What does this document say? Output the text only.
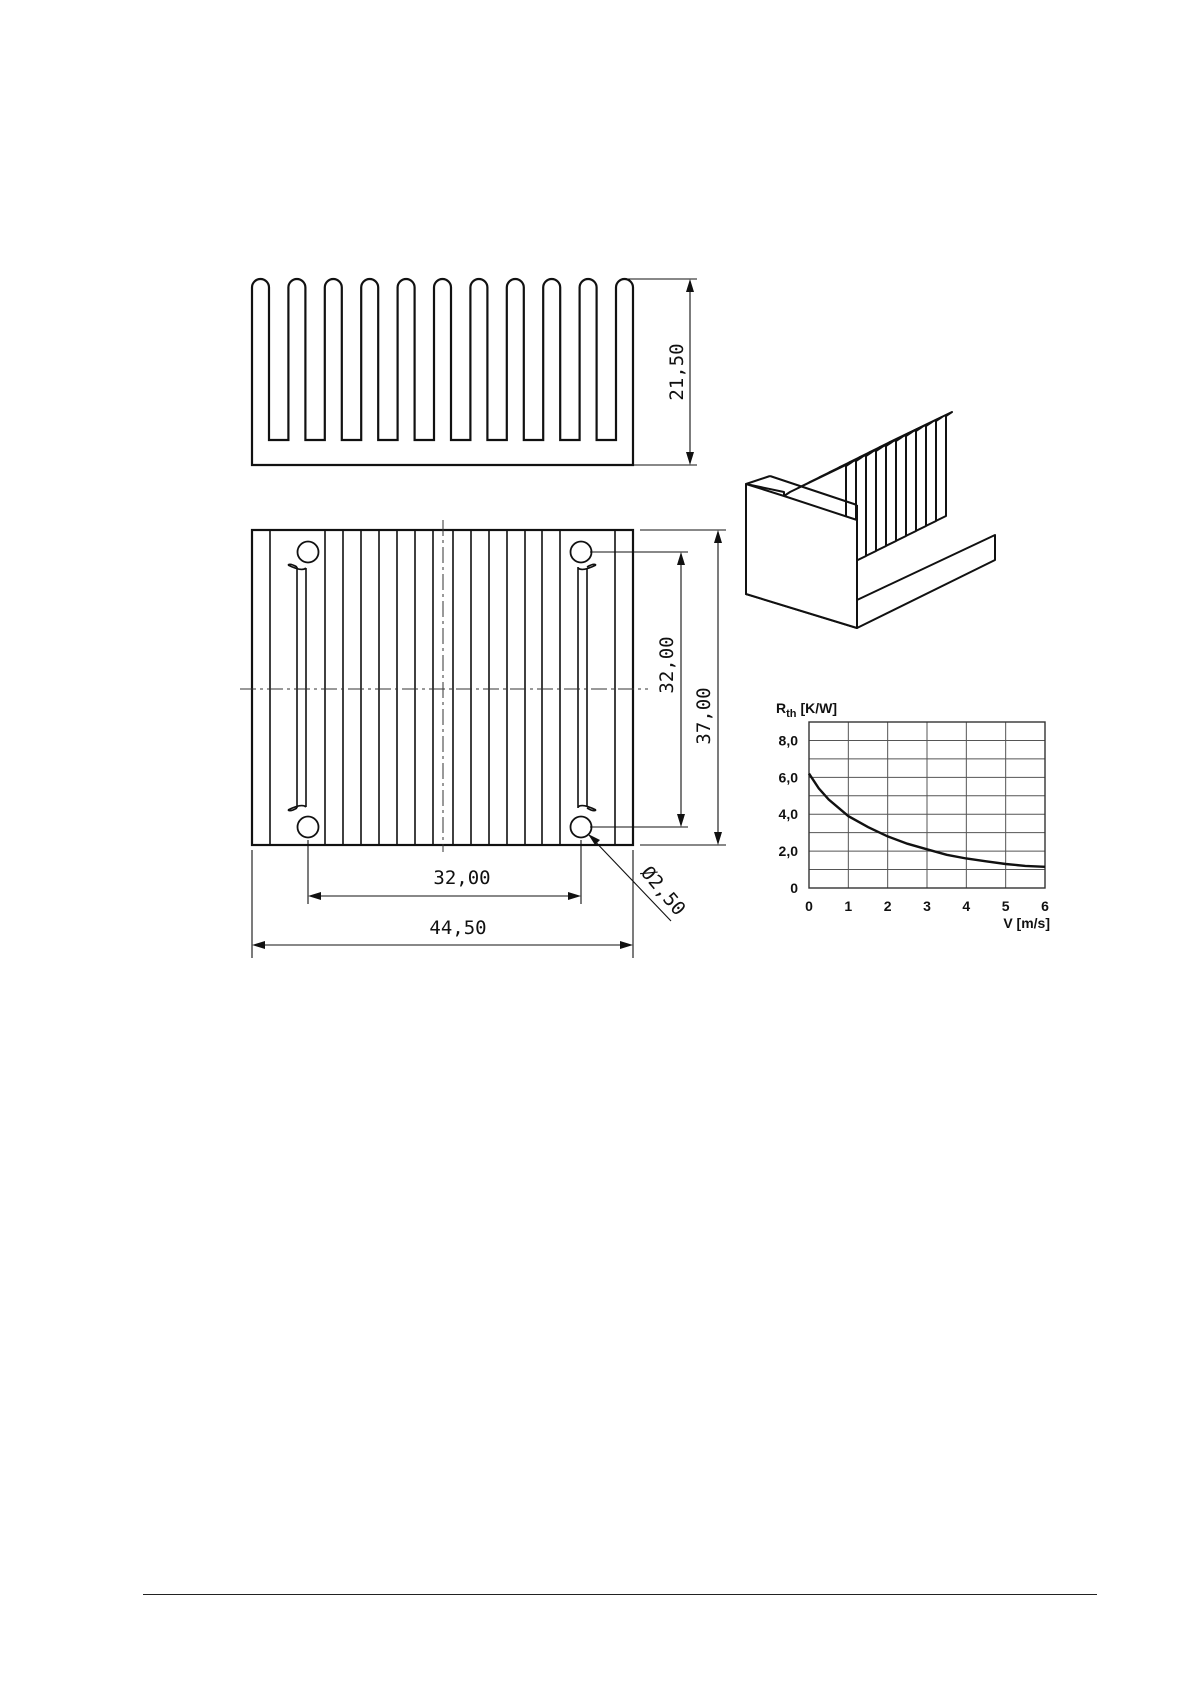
21,50
32,00
37,00
32,00
44,50
Ø2,50	0 1 2 3 4 5 6
0
2,0
4,0
6,0
8,0
$R_{th}$ [K/W]
V [m/s]
